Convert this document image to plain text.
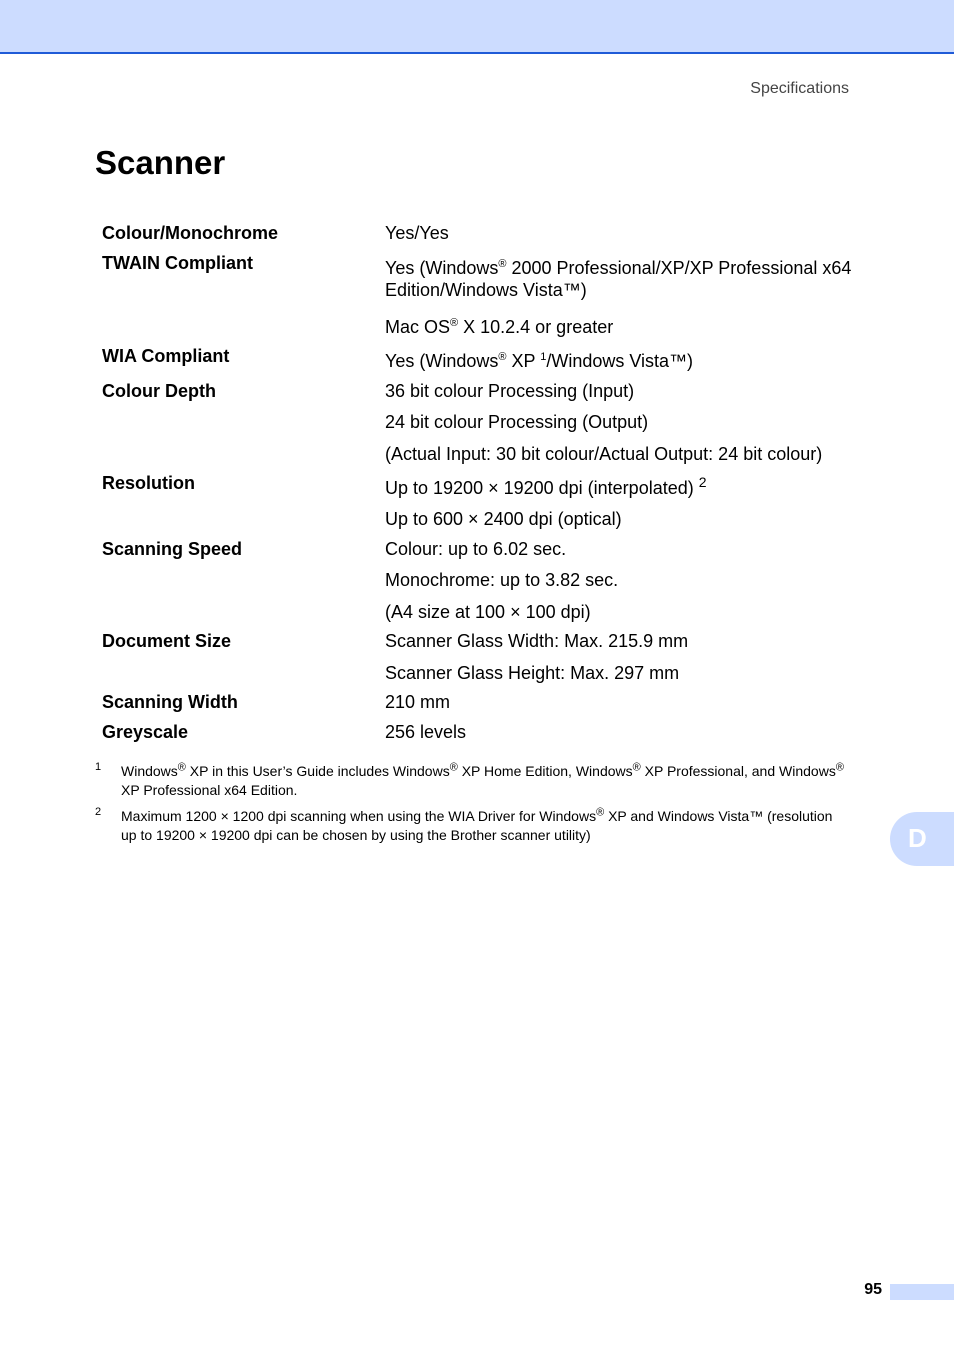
Specifications
Scanner
Colour/Monochrome	Yes/Yes
TWAIN Compliant	Yes (Windows® 2000 Professional/XP/XP Professional x64
Edition/Windows Vista™)
Mac OS® X 10.2.4 or greater
WIA Compliant	Yes (Windows® XP $^1$/Windows Vista™)
Colour Depth	36 bit colour Processing (Input)
24 bit colour Processing (Output)
(Actual Input: 30 bit colour/Actual Output: 24 bit colour)
Resolution	Up to 19200 × 19200 dpi (interpolated) $^2$
Up to 600 × 2400 dpi (optical)
Scanning Speed	Colour: up to 6.02 sec.
Monochrome: up to 3.82 sec.
(A4 size at 100 × 100 dpi)
Document Size	Scanner Glass Width: Max. 215.9 mm
Scanner Glass Height: Max. 297 mm
Scanning Width	210 mm
Greyscale	256 levels
1 Windows® XP in this User’s Guide includes Windows® XP Home Edition, Windows® XP Professional, and Windows®
XP Professional x64 Edition.
2 Maximum 1200 × 1200 dpi scanning when using the WIA Driver for Windows® XP and Windows Vista™ (resolution
up to 19200 × 19200 dpi can be chosen by using the Brother scanner utility)	D
95
